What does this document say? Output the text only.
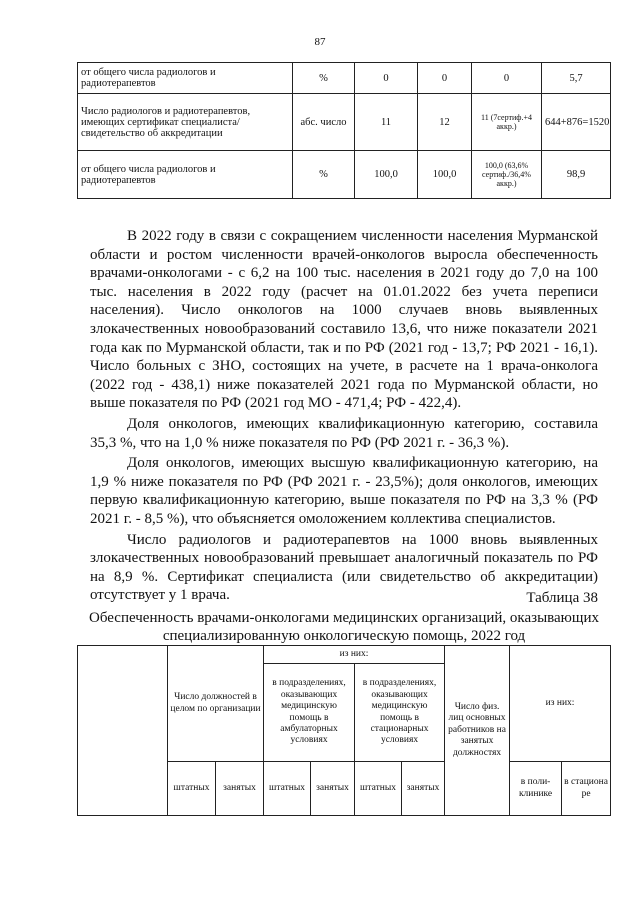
87
от общего числа радиологов и радиотерапевтов	%	0	0	0	5,7
Число радиологов и радиотерапевтов, имеющих сертификат специалиста/свидетельство об аккредитации	абс. число	11	12	11 (7сертиф.+4 аккр.)	644+876=1520
от общего числа радиологов и радиотерапевтов	%	100,0	100,0	100,0 (63,6% сертиф./36,4% аккр.)	98,9

В 2022 году в связи с сокращением численности населения Мурманской области и ростом численности врачей-онкологов выросла обеспеченность врачами-онкологами - с 6,2 на 100 тыс. населения в 2021 году до 7,0 на 100 тыс. населения в 2022 году (расчет на 01.01.2022 без учета переписи населения). Число онкологов на 1000 случаев вновь выявленных злокачественных новообразований составило 13,6, что ниже показатели 2021 года как по Мурманской области, так и по РФ (2021 год - 13,7; РФ 2021 - 16,1). Число больных с ЗНО, состоящих на учете, в расчете на 1 врача-онколога (2022 год - 438,1) ниже показателей 2021 года по Мурманской области, но выше показателя по РФ (2021 год МО - 471,4; РФ - 422,4).

Доля онкологов, имеющих квалификационную категорию, составила 35,3 %, что на 1,0 % ниже показателя по РФ (РФ 2021 г. - 36,3 %).

Доля онкологов, имеющих высшую квалификационную категорию, на 1,9 % ниже показателя по РФ (РФ 2021 г. - 23,5%); доля онкологов, имеющих первую квалификационную категорию, выше показателя по РФ на 3,3 % (РФ 2021 г. - 8,5 %), что объясняется омоложением коллектива специалистов.

Число радиологов и радиотерапевтов на 1000 вновь выявленных злокачественных новообразований превышает аналогичный показатель по РФ на 8,9 %. Сертификат специалиста (или свидетельство об аккредитации) отсутствует у 1 врача.	Таблица 38
Обеспеченность врачами-онкологами медицинских организаций, оказывающих специализированную онкологическую помощь, 2022 год
	Число должностей в целом по организации		из них:				Число физ. лиц основных работников на занятых должностях	из них:	
			в подразделениях, оказывающих медицинскую помощь в амбулаторных условиях		в подразделениях, оказывающих медицинскую помощь в стационарных условиях				
	штатных	занятых	штатных	занятых	штатных	занятых		в поли-клинике	в стациона ре
